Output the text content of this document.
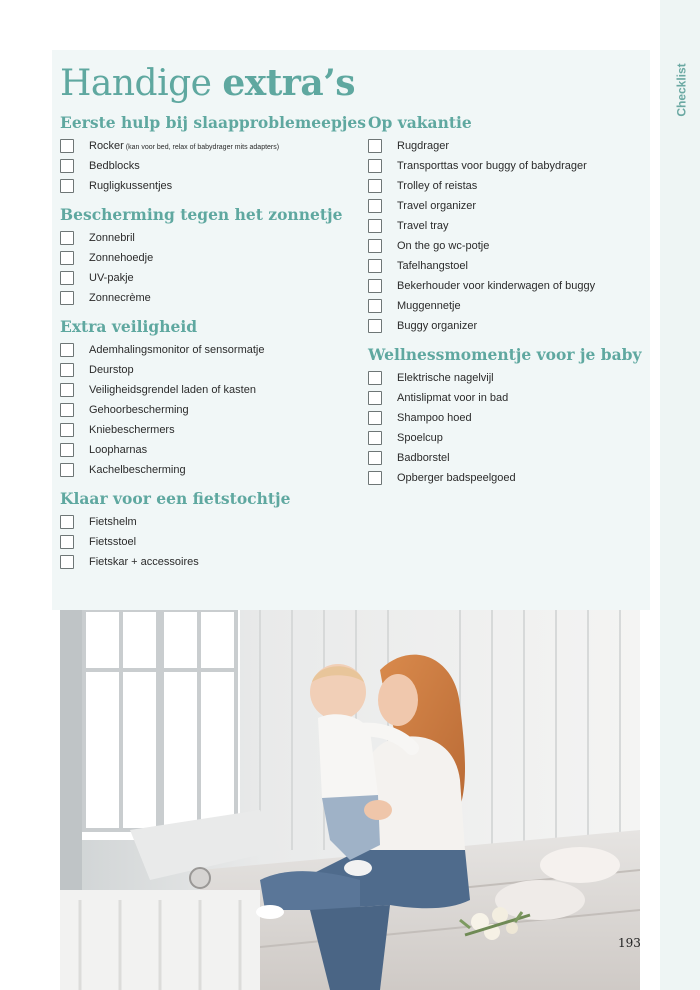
Checklist
Handige extra’s
Eerste hulp bij slaapproblemeepjes
Rocker (kan voor bed, relax of babydrager mits adapters)
Bedblocks
Rugligkussentjes
Bescherming tegen het zonnetje
Zonnebril
Zonnehoedje
UV-pakje
Zonnecrème
Extra veiligheid
Ademhalingsmonitor of sensormatje
Deurstop
Veiligheidsgrendel laden of kasten
Gehoorbescherming
Kniebeschermers
Loopharnas
Kachelbescherming
Klaar voor een fietstochtje
Fietshelm
Fietsstoel
Fietskar + accessoires
Op vakantie
Rugdrager
Transporttas voor buggy of babydrager
Trolley of reistas
Travel organizer
Travel tray
On the go wc-potje
Tafelhangstoel
Bekerhouder voor kinderwagen of buggy
Muggennetje
Buggy organizer
Wellnessmomentje voor je baby
Elektrische nagelvijl
Antislipmat voor in bad
Shampoo hoed
Spoelcup
Badborstel
Opberger badspeelgoed
193
